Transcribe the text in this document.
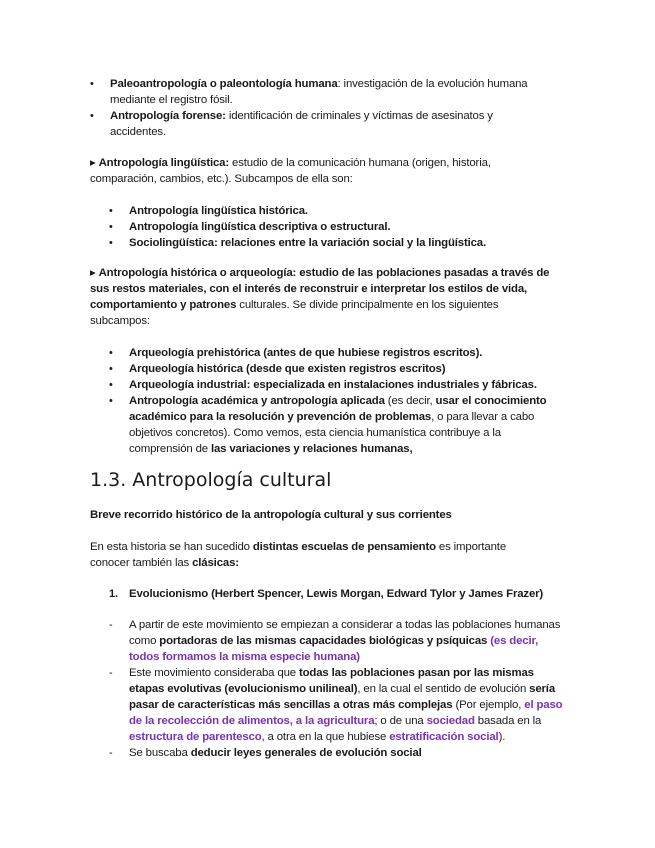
• Paleoantropología o paleontología humana: investigación de la evolución humana mediante el registro fósil.
• Antropología forense: identificación de criminales y víctimas de asesinatos y accidentes.
▸ Antropología lingüística: estudio de la comunicación humana (origen, historia, comparación, cambios, etc.). Subcampos de ella son:
• Antropología lingüística histórica.
• Antropología lingüística descriptiva o estructural.
• Sociolingüística: relaciones entre la variación social y la lingüística.
▸ Antropología histórica o arqueología: estudio de las poblaciones pasadas a través de sus restos materiales, con el interés de reconstruir e interpretar los estilos de vida, comportamiento y patrones culturales. Se divide principalmente en los siguientes subcampos:
• Arqueología prehistórica (antes de que hubiese registros escritos).
• Arqueología histórica (desde que existen registros escritos)
• Arqueología industrial: especializada en instalaciones industriales y fábricas.
• Antropología académica y antropología aplicada (es decir, usar el conocimiento académico para la resolución y prevención de problemas, o para llevar a cabo objetivos concretos). Como vemos, esta ciencia humanística contribuye a la comprensión de las variaciones y relaciones humanas,
1.3. Antropología cultural
Breve recorrido histórico de la antropología cultural y sus corrientes
En esta historia se han sucedido distintas escuelas de pensamiento es importante conocer también las clásicas:
1. Evolucionismo (Herbert Spencer, Lewis Morgan, Edward Tylor y James Frazer)
- A partir de este movimiento se empiezan a considerar a todas las poblaciones humanas como portadoras de las mismas capacidades biológicas y psíquicas (es decir, todos formamos la misma especie humana)
- Este movimiento consideraba que todas las poblaciones pasan por las mismas etapas evolutivas (evolucionismo unilineal), en la cual el sentido de evolución sería pasar de características más sencillas a otras más complejas (Por ejemplo, el paso de la recolección de alimentos, a la agricultura; o de una sociedad basada en la estructura de parentesco, a otra en la que hubiese estratificación social).
- Se buscaba deducir leyes generales de evolución social
